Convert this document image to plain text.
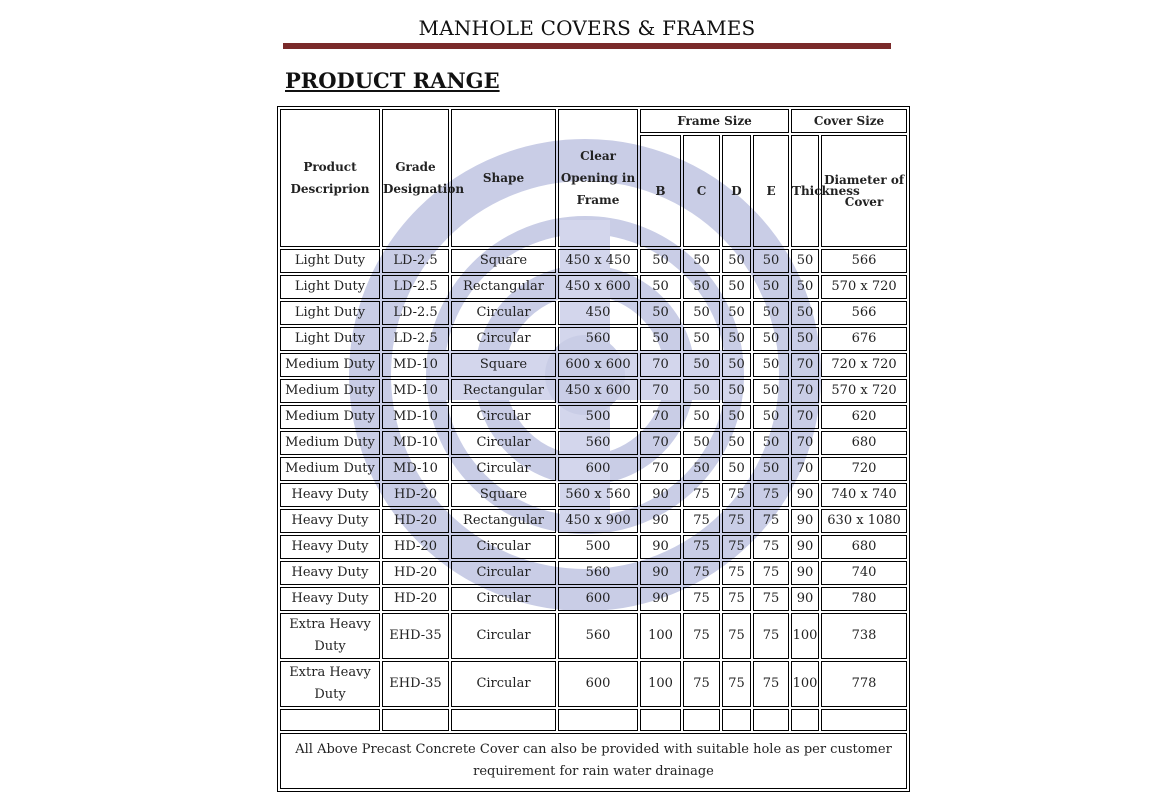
MANHOLE COVERS & FRAMES
PRODUCT RANGE
Product Descriprion	Grade Designation	Shape	Clear Opening in Frame	Frame Size				Cover Size	
				B	C	D	E	Thickness	Diameter of Cover
Light Duty	LD-2.5	Square	450 x 450	50	50	50	50	50	566
Light Duty	LD-2.5	Rectangular	450 x 600	50	50	50	50	50	570 x 720
Light Duty	LD-2.5	Circular	450	50	50	50	50	50	566
Light Duty	LD-2.5	Circular	560	50	50	50	50	50	676
Medium Duty	MD-10	Square	600 x 600	70	50	50	50	70	720 x 720
Medium Duty	MD-10	Rectangular	450 x 600	70	50	50	50	70	570 x 720
Medium Duty	MD-10	Circular	500	70	50	50	50	70	620
Medium Duty	MD-10	Circular	560	70	50	50	50	70	680
Medium Duty	MD-10	Circular	600	70	50	50	50	70	720
Heavy Duty	HD-20	Square	560 x 560	90	75	75	75	90	740 x 740
Heavy Duty	HD-20	Rectangular	450 x 900	90	75	75	75	90	630 x 1080
Heavy Duty	HD-20	Circular	500	90	75	75	75	90	680
Heavy Duty	HD-20	Circular	560	90	75	75	75	90	740
Heavy Duty	HD-20	Circular	600	90	75	75	75	90	780
Extra Heavy Duty	EHD-35	Circular	560	100	75	75	75	100	738
Extra Heavy Duty	EHD-35	Circular	600	100	75	75	75	100	778

All Above Precast Concrete Cover can also be provided with suitable hole as per customer requirement for rain water drainage									
